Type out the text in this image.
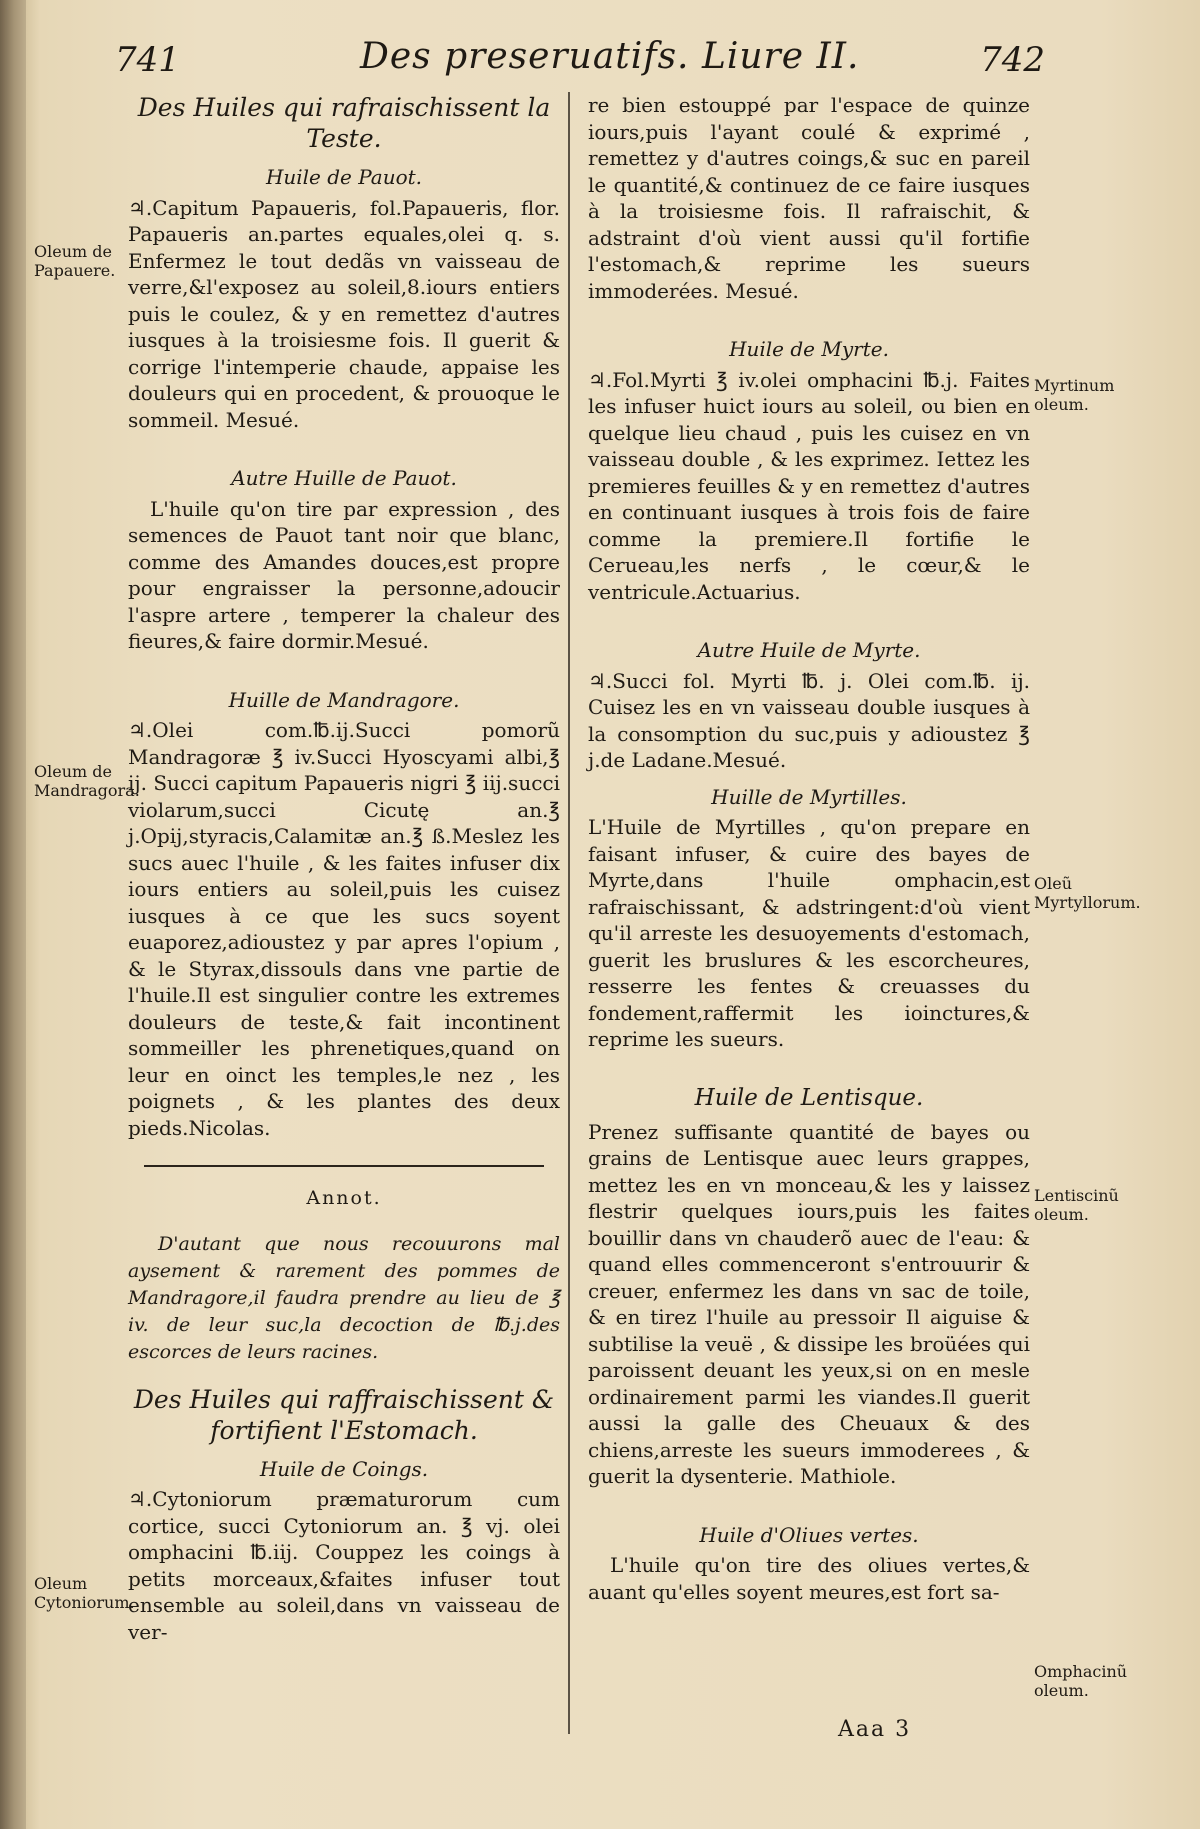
741	Des preseruatifs. Liure II.	742
Des Huiles qui rafraischissent la Teste.
Huile de Pauot.

♃.Capitum Papaueris, fol.Papaueris, flor. Papaueris an.partes equales,olei q. s. Enfermez le tout dedãs vn vaisseau de verre,&l'exposez au soleil,8.iours entiers puis le coulez, & y en remettez d'autres iusques à la troisiesme fois. Il guerit & corrige l'intemperie chaude, appaise les douleurs qui en procedent, & prouoque le sommeil. Mesué.

Autre Huille de Pauot.

L'huile qu'on tire par expression , des semences de Pauot tant noir que blanc, comme des Amandes douces,est propre pour engraisser la personne,adoucir l'aspre artere , temperer la chaleur des fieures,& faire dormir.Mesué.

Huille de Mandragore.

♃.Olei com.℔.ij.Succi pomorũ Mandragoræ ℥ iv.Succi Hyoscyami albi,℥ ij. Succi capitum Papaueris nigri ℥ iij.succi violarum,succi Cicutę an.℥ j.Opij,styracis,Calamitæ an.℥ ß.Meslez les sucs auec l'huile , & les faites infuser dix iours entiers au soleil,puis les cuisez iusques à ce que les sucs soyent euaporez,adioustez y par apres l'opium , & le Styrax,dissouls dans vne partie de l'huile.Il est singulier contre les extremes douleurs de teste,& fait incontinent sommeiller les phrenetiques,quand on leur en oinct les temples,le nez , les poignets , & les plantes des deux pieds.Nicolas.

Annot.

D'autant que nous recouurons mal aysement & rarement des pommes de Mandragore,il faudra prendre au lieu de ℥ iv. de leur suc,la decoction de ℔.j.des escorces de leurs racines.

Des Huiles qui raffraischissent & fortifient l'Estomach.
Huile de Coings.

♃.Cytoniorum præmaturorum cum cortice, succi Cytoniorum an. ℥ vj. olei omphacini ℔.iij. Couppez les coings à petits morceaux,&faites infuser tout ensemble au soleil,dans vn vaisseau de ver-

re bien estouppé par l'espace de quinze iours,puis l'ayant coulé & exprimé , remettez y d'autres coings,& suc en pareil le quantité,& continuez de ce faire iusques à la troisiesme fois. Il rafraischit, & adstraint d'où vient aussi qu'il fortifie l'estomach,& reprime les sueurs immoderées. Mesué.

Huile de Myrte.

♃.Fol.Myrti ℥ iv.olei omphacini ℔.j. Faites les infuser huict iours au soleil, ou bien en quelque lieu chaud , puis les cuisez en vn vaisseau double , & les exprimez. Iettez les premieres feuilles & y en remettez d'autres en continuant iusques à trois fois de faire comme la premiere.Il fortifie le Cerueau,les nerfs , le cœur,& le ventricule.Actuarius.

Autre Huile de Myrte.

♃.Succi fol. Myrti ℔. j. Olei com.℔. ij. Cuisez les en vn vaisseau double iusques à la consomption du suc,puis y adioustez ℥ j.de Ladane.Mesué.

Huille de Myrtilles.

L'Huile de Myrtilles , qu'on prepare en faisant infuser, & cuire des bayes de Myrte,dans l'huile omphacin,est rafraischissant, & adstringent:d'où vient qu'il arreste les desuoyements d'estomach, guerit les bruslures & les escorcheures, resserre les fentes & creuasses du fondement,raffermit les ioinctures,& reprime les sueurs.

Huile de Lentisque.

Prenez suffisante quantité de bayes ou grains de Lentisque auec leurs grappes, mettez les en vn monceau,& les y laissez flestrir quelques iours,puis les faites bouillir dans vn chauderõ auec de l'eau: & quand elles commenceront s'entrouurir & creuer, enfermez les dans vn sac de toile, & en tirez l'huile au pressoir Il aiguise & subtilise la veuë , & dissipe les broüées qui paroissent deuant les yeux,si on en mesle ordinairement parmi les viandes.Il guerit aussi la galle des Cheuaux & des chiens,arreste les sueurs immoderees , & guerit la dysenterie. Mathiole.

Huile d'Oliues vertes.

L'huile qu'on tire des oliues vertes,& auant qu'elles soyent meures,est fort sa-

Oleum de Papauere.
Oleum de Mandragora.
Oleum Cytoniorum.
Myrtinum oleum.
Oleũ Myrtyllorum.
Lentiscinũ oleum.
Omphacinũ oleum.
Aaa 3
